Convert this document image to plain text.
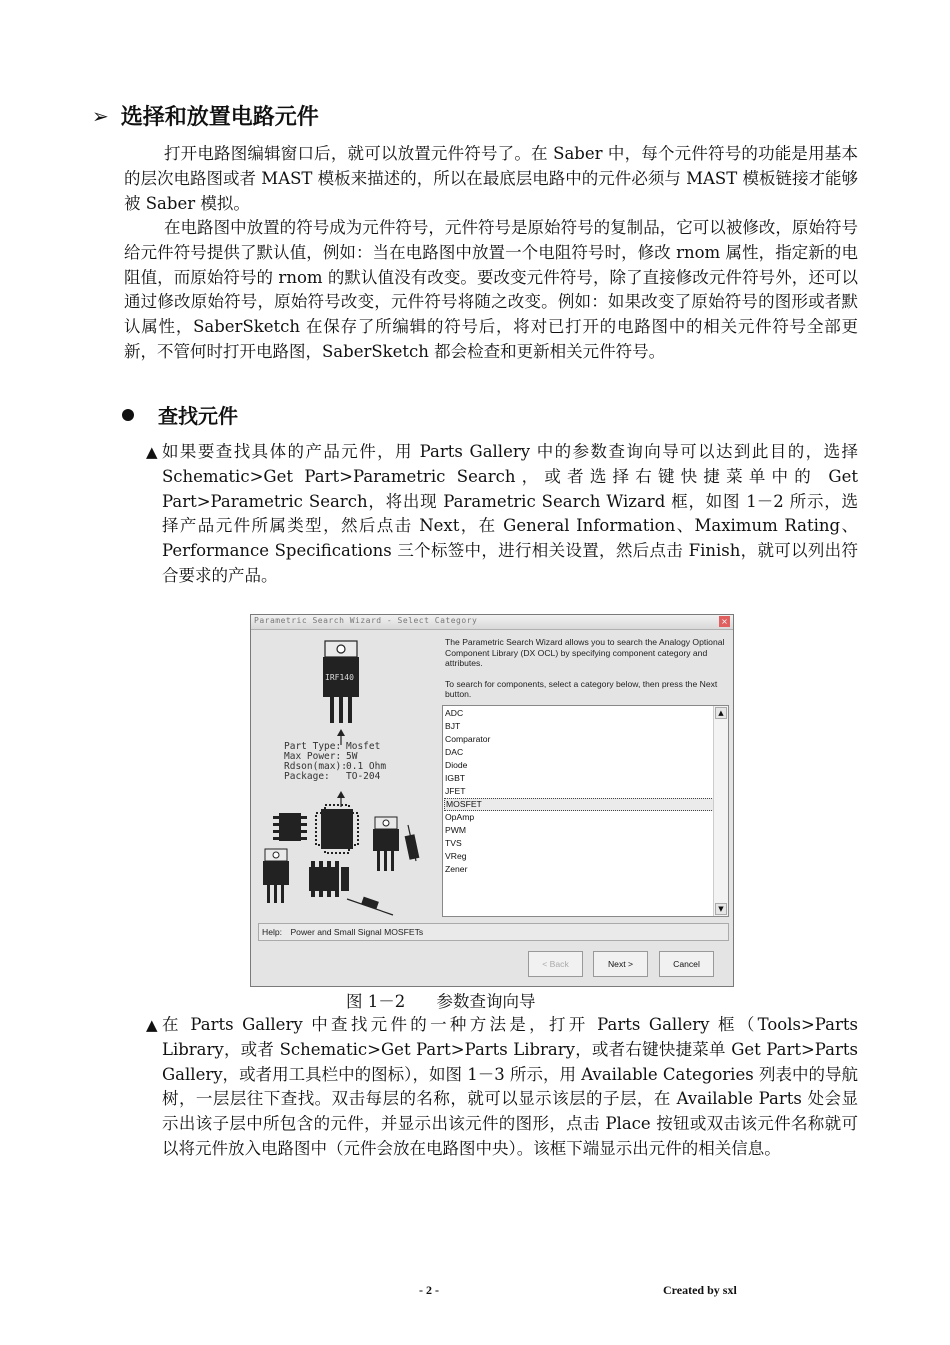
➢ 选择和放置电路元件
打开电路图编辑窗口后，就可以放置元件符号了。在 Saber 中，每个元件符号的功能是用基本的层次电路图或者 MAST 模板来描述的，所以在最底层电路中的元件必须与 MAST 模板链接才能够被 Saber 模拟。
在电路图中放置的符号成为元件符号，元件符号是原始符号的复制品，它可以被修改，原始符号给元件符号提供了默认值，例如：当在电路图中放置一个电阻符号时，修改 rnom 属性，指定新的电阻值，而原始符号的 rnom 的默认值没有改变。要改变元件符号，除了直接修改元件符号外，还可以通过修改原始符号，原始符号改变，元件符号将随之改变。例如：如果改变了原始符号的图形或者默认属性，SaberSketch 在保存了所编辑的符号后，将对已打开的电路图中的相关元件符号全部更新，不管何时打开电路图，SaberSketch 都会检查和更新相关元件符号。
查找元件
▲ 如果要查找具体的产品元件，用 Parts Gallery 中的参数查询向导可以达到此目的，选择 Schematic>Get Part>Parametric Search，或者选择右键快捷菜单中的 Get Part>Parametric Search，将出现 Parametric Search Wizard 框，如图 1－2 所示，选择产品元件所属类型，然后点击 Next，在 General Information、Maximum Rating、Performance Specifications 三个标签中，进行相关设置，然后点击 Finish，就可以列出符合要求的产品。
Parametric Search Wizard - Select Category	×
IRF140
Part Type: Mosfet
Max Power: 5W
Rdson(max): 0.1 Ohm
Package:	TO-204

The Parametric Search Wizard allows you to search the Analogy Optional Component Library (DX OCL) by specifying component category and attributes.

To search for components, select a category below, then press the Next button.

ADC
BJT
Comparator
DAC
Diode
IGBT
JFET
MOSFET
OpAmp
PWM
TVS
VReg
Zener
▲
▼
Help: Power and Small Signal MOSFETs
< Back	Next >	Cancel
图 1－2 参数查询向导
▲ 在 Parts Gallery 中查找元件的一种方法是，打开 Parts Gallery 框（Tools>Parts Library，或者 Schematic>Get Part>Parts Library，或者右键快捷菜单 Get Part>Parts Gallery，或者用工具栏中的图标），如图 1－3 所示，用 Available Categories 列表中的导航树，一层层往下查找。双击每层的名称，就可以显示该层的子层，在 Available Parts 处会显示出该子层中所包含的元件，并显示出该元件的图形，点击 Place 按钮或双击该元件名称就可以将元件放入电路图中（元件会放在电路图中央）。该框下端显示出元件的相关信息。
- 2 -	Created by sxl
